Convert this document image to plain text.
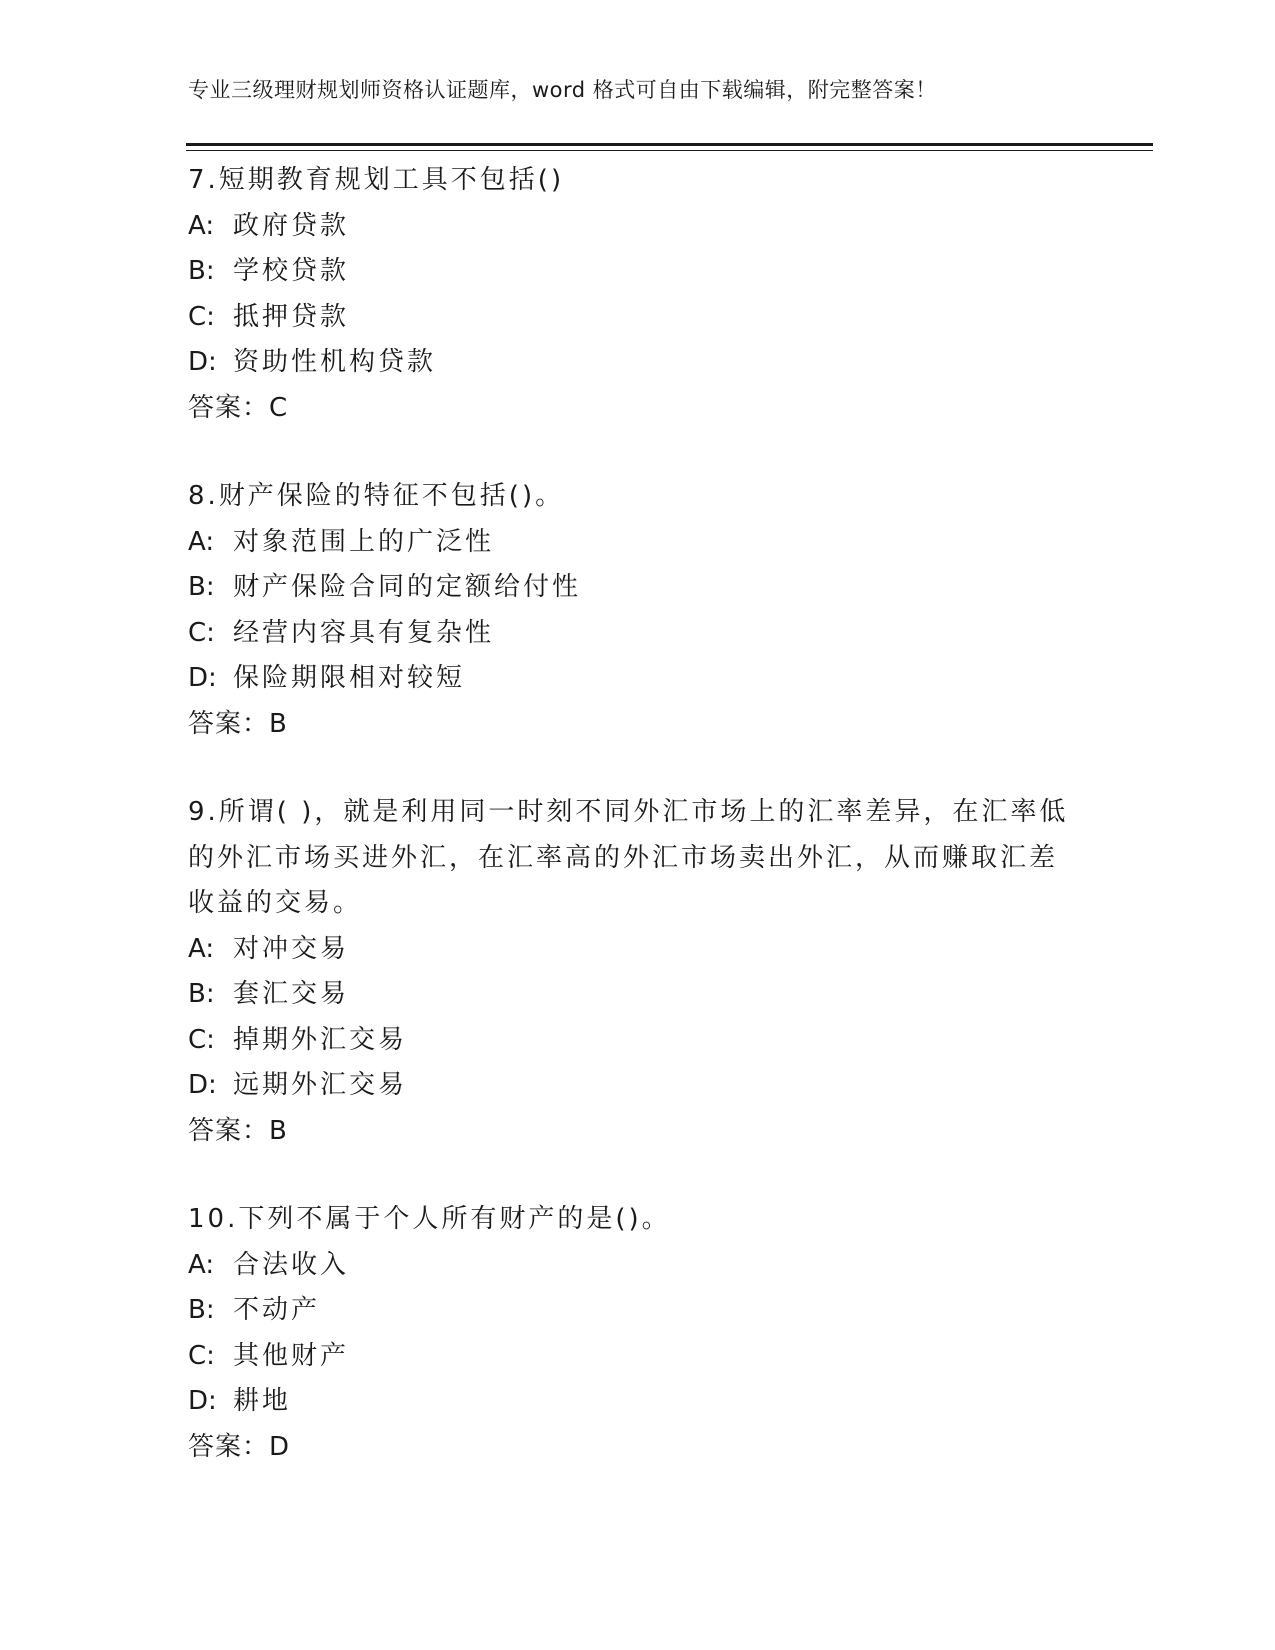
专业三级理财规划师资格认证题库，word 格式可自由下载编辑，附完整答案！
7.短期教育规划工具不包括()
A: 政府贷款
B: 学校贷款
C: 抵押贷款
D: 资助性机构贷款
答案：C
8.财产保险的特征不包括()。
A: 对象范围上的广泛性
B: 财产保险合同的定额给付性
C: 经营内容具有复杂性
D: 保险期限相对较短
答案：B
9.所谓( )，就是利用同一时刻不同外汇市场上的汇率差异，在汇率低
的外汇市场买进外汇，在汇率高的外汇市场卖出外汇，从而赚取汇差
收益的交易。
A: 对冲交易
B: 套汇交易
C: 掉期外汇交易
D: 远期外汇交易
答案：B
10.下列不属于个人所有财产的是()。
A: 合法收入
B: 不动产
C: 其他财产
D: 耕地
答案：D
